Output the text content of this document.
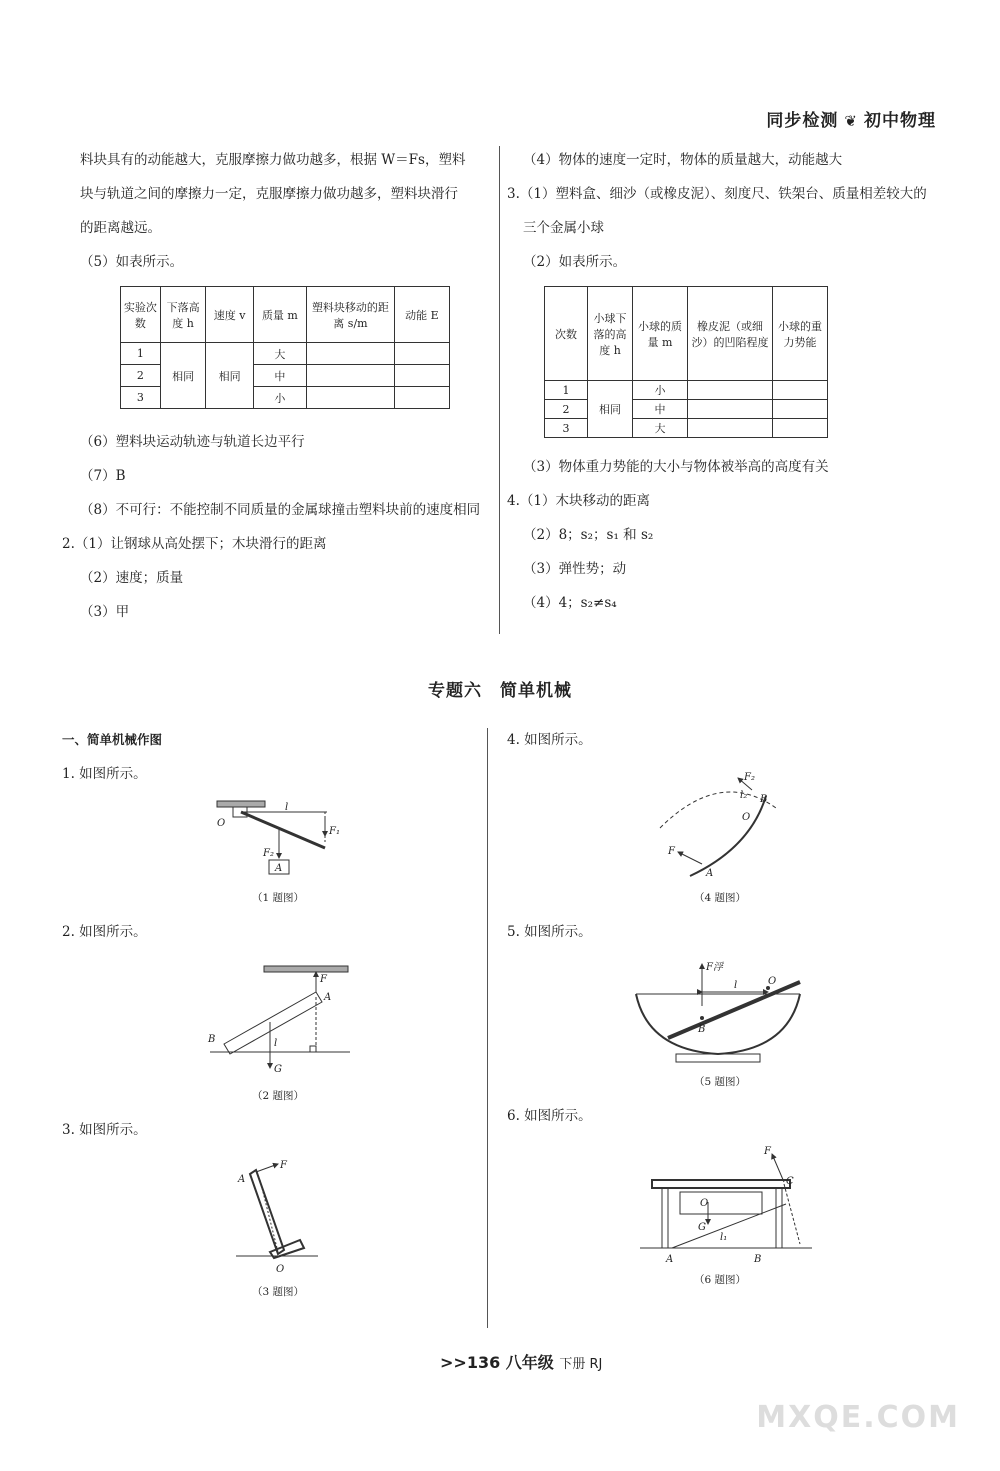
同步检测 ❦ 初中物理
料块具有的动能越大，克服摩擦力做功越多，根据 W＝Fs，塑料
块与轨道之间的摩擦力一定，克服摩擦力做功越多，塑料块滑行
的距离越远。
（5）如表所示。
实验次数	下落高度 h	速度 v	质量 m	塑料块移动的距离 s/m	动能 E
1	相同	相同	大		
2			中		
3			小		
（6）塑料块运动轨迹与轨道长边平行
（7）B
（8）不可行：不能控制不同质量的金属球撞击塑料块前的速度相同
2.（1）让钢球从高处摆下；木块滑行的距离
（2）速度；质量
（3）甲
（4）物体的速度一定时，物体的质量越大，动能越大
3.（1）塑料盒、细沙（或橡皮泥）、刻度尺、铁架台、质量相差较大的
三个金属小球
（2）如表所示。
次数	小球下落的高度 h	小球的质量 m	橡皮泥（或细沙）的凹陷程度	小球的重力势能
1	相同	小		
2		中		
3		大		
（3）物体重力势能的大小与物体被举高的高度有关
4.（1）木块移动的距离
（2）8；s₂；s₁ 和 s₂
（3）弹性势；动
（4）4；s₂≠s₄
专题六　简单机械
一、简单机械作图
1. 如图所示。
2. 如图所示。
3. 如图所示。
4. 如图所示。
5. 如图所示。
6. 如图所示。
O
l
F₁
F₂
A
（1 题图）
F
A
B	l
G
（2 题图）
F
A
O
（3 题图）
F₂
l₂ B
O
F
A
（4 题图）
F浮
l	O
B
（5 题图）
F
C
O
G
l₁
A	B
（6 题图）
>>136 八年级 下册 RJ
MXQE.COM
